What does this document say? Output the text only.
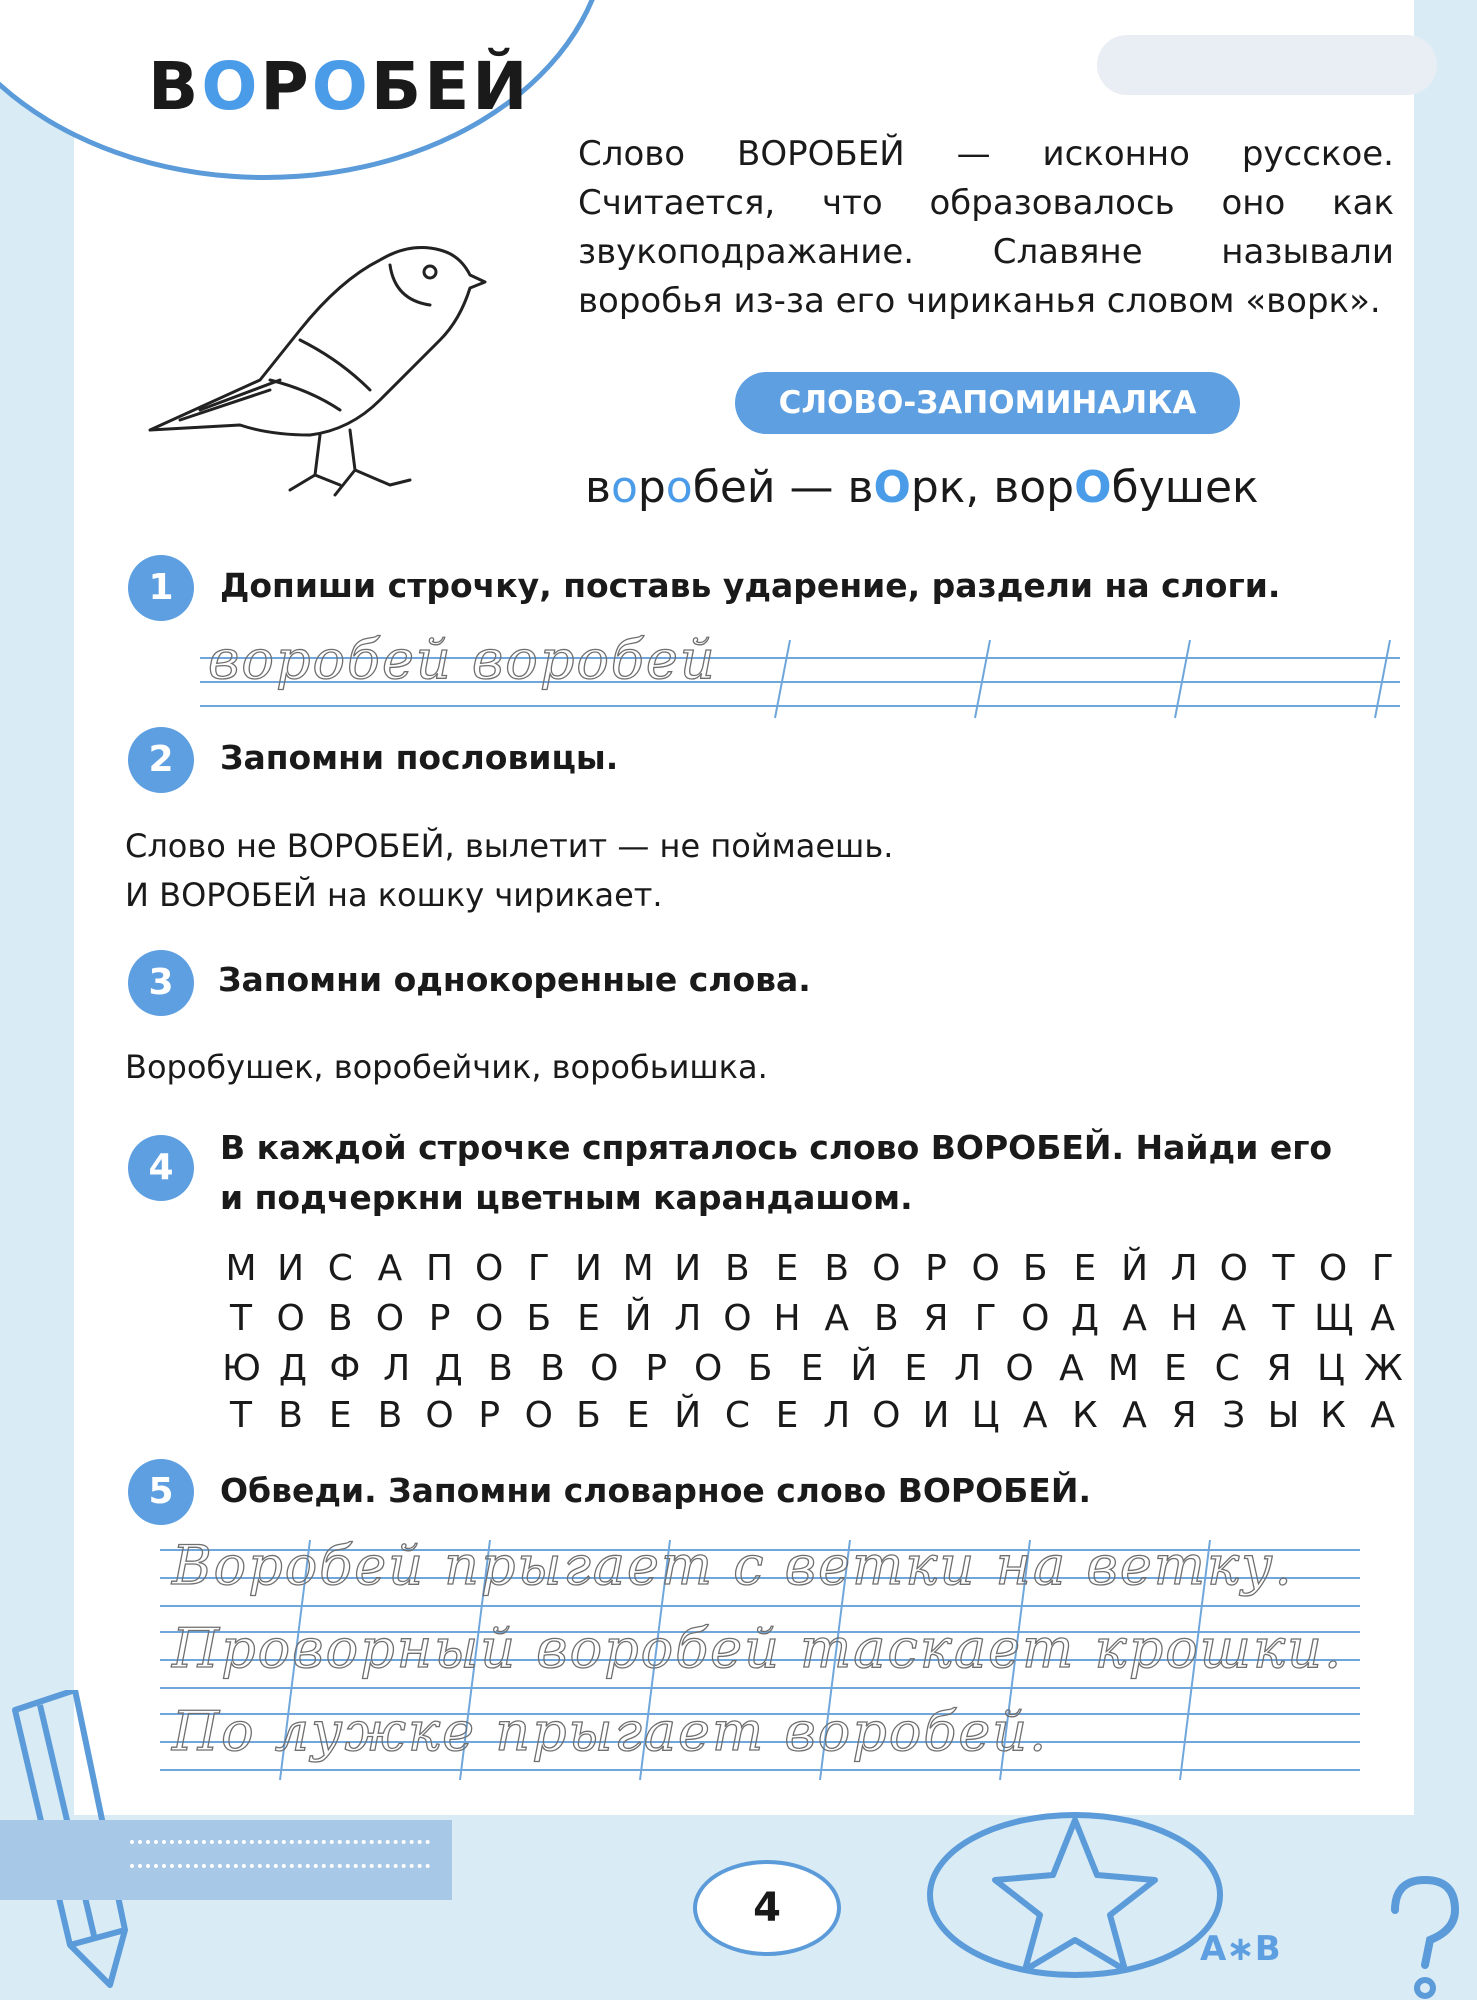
ВОРОБЕЙ

Слово ВОРОБЕЙ — исконно русское. Считается, что образовалось оно как звукоподражание. Славяне называли воробья из-за его чириканья словом «ворк».

СЛОВО-ЗАПОМИНАЛКА
воробей — вОрк, ворОбушек
1	Допиши строчку, поставь ударение, раздели на слоги.

воробей воробей
2	Запомни пословицы.

Слово не ВОРОБЕЙ, вылетит — не поймаешь.

И ВОРОБЕЙ на кошку чирикает.

3	Запомни однокоренные слова.

Воробушек, воробейчик, воробьишка.

4	В каждой строчке спряталось слово ВОРОБЕЙ. Найди его

и подчеркни цветным карандашом.

М И С А П О Г И М И В Е В О Р О Б Е Й Л О Т О Г
Т О В О Р О Б Е Й Л О Н А В Я Г О Д А Н А Т Щ А
Ю Д Ф Л Д В В О Р О Б Е Й Е Л О А М Е С Я Ц Ж
Т В Е В О Р О Б Е Й С Е Л О И Ц А К А Я З Ы К А
5	Обведи. Запомни словарное слово ВОРОБЕЙ.

Воробей прыгает с ветки на ветку.
Проворный воробей таскает крошки.
По лужке прыгает воробей.
4
А∗В
